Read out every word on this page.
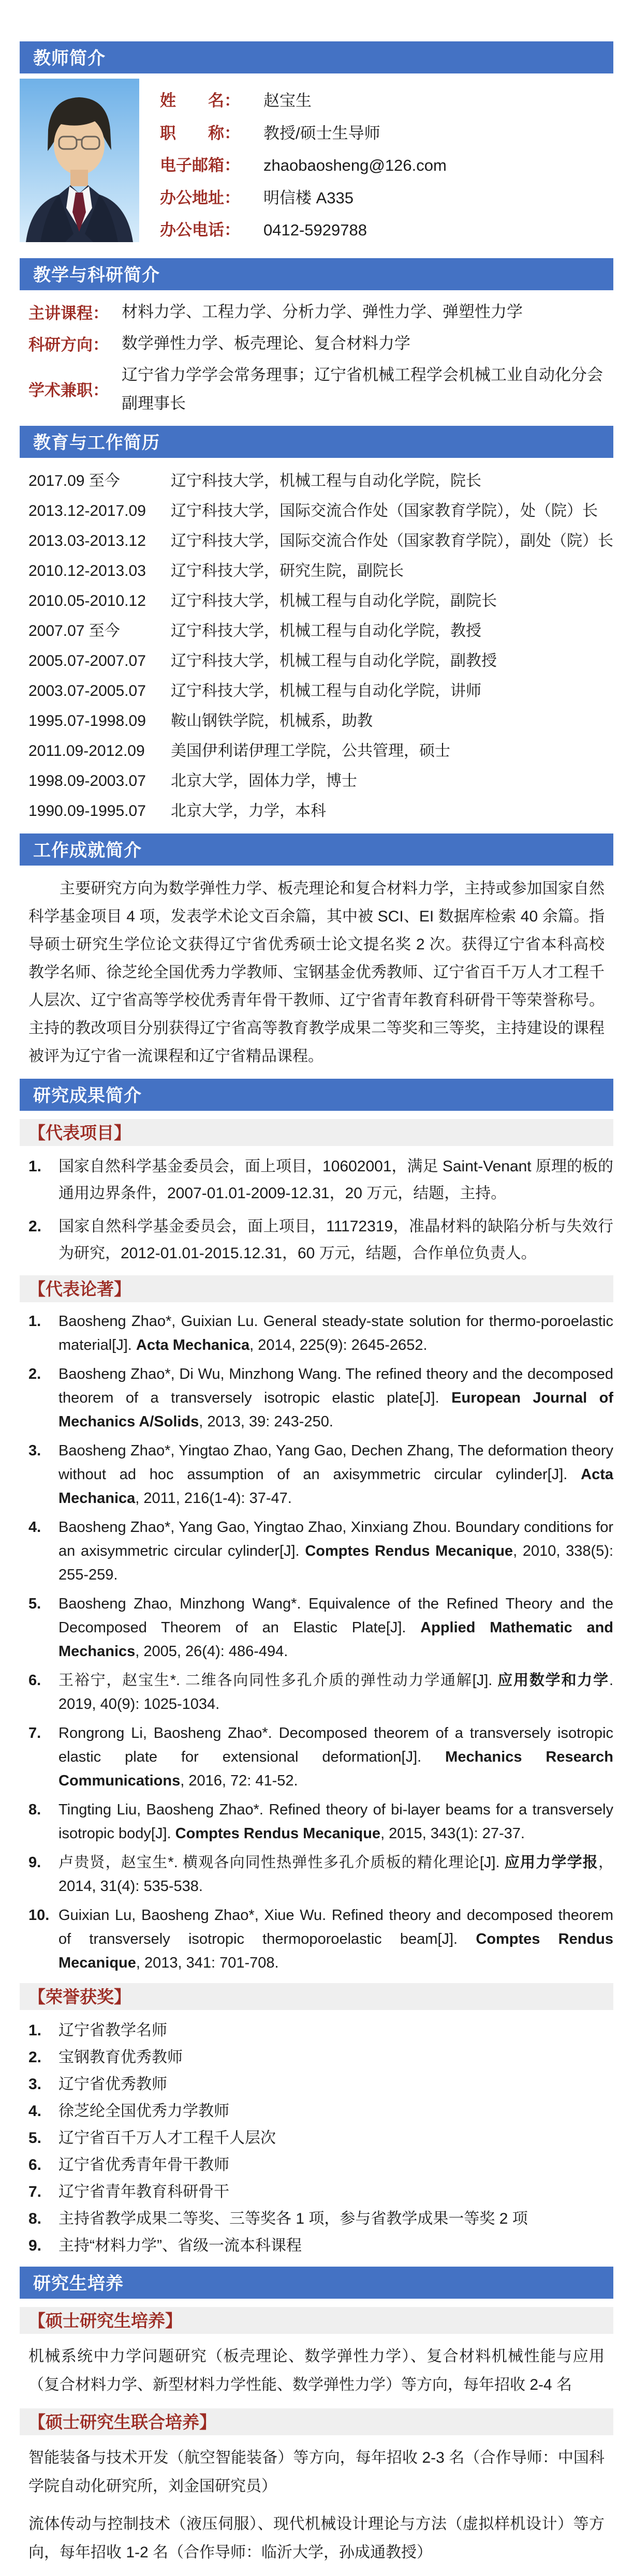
教师简介
姓　　名：	赵宝生
职　　称：	教授/硕士生导师
电子邮箱：	zhaobaosheng@126.com
办公地址：	明信楼 A335
办公电话：	0412-5929788
教学与科研简介
主讲课程： 材料力学、工程力学、分析力学、弹性力学、弹塑性力学
科研方向： 数学弹性力学、板壳理论、复合材料力学
学术兼职：
辽宁省力学学会常务理事；辽宁省机械工程学会机械工业自动化分会副理事长
教育与工作简历
2017.09 至今	辽宁科技大学，机械工程与自动化学院，院长
2013.12-2017.09	辽宁科技大学，国际交流合作处（国家教育学院），处（院）长
2013.03-2013.12	辽宁科技大学，国际交流合作处（国家教育学院），副处（院）长
2010.12-2013.03	辽宁科技大学，研究生院，副院长
2010.05-2010.12	辽宁科技大学，机械工程与自动化学院，副院长
2007.07 至今	辽宁科技大学，机械工程与自动化学院，教授
2005.07-2007.07	辽宁科技大学，机械工程与自动化学院，副教授
2003.07-2005.07	辽宁科技大学，机械工程与自动化学院，讲师
1995.07-1998.09	鞍山钢铁学院，机械系，助教
2011.09-2012.09	美国伊利诺伊理工学院，公共管理，硕士
1998.09-2003.07	北京大学，固体力学，博士
1990.09-1995.07	北京大学，力学，本科
工作成就简介
主要研究方向为数学弹性力学、板壳理论和复合材料力学，主持或参加国家自然科学基金项目 4 项，发表学术论文百余篇，其中被 SCI、EI 数据库检索 40 余篇。指导硕士研究生学位论文获得辽宁省优秀硕士论文提名奖 2 次。获得辽宁省本科高校教学名师、徐芝纶全国优秀力学教师、宝钢基金优秀教师、辽宁省百千万人才工程千人层次、辽宁省高等学校优秀青年骨干教师、辽宁省青年教育科研骨干等荣誉称号。主持的教改项目分别获得辽宁省高等教育教学成果二等奖和三等奖，主持建设的课程被评为辽宁省一流课程和辽宁省精品课程。
研究成果简介
【代表项目】
1.	国家自然科学基金委员会，面上项目，10602001，满足 Saint-Venant 原理的板的通用边界条件，2007-01.01-2009-12.31，20 万元，结题，主持。
2.	国家自然科学基金委员会，面上项目，11172319，准晶材料的缺陷分析与失效行为研究，2012-01.01-2015.12.31，60 万元，结题，合作单位负责人。
【代表论著】
1.	Baosheng Zhao*, Guixian Lu. General steady-state solution for thermo-poroelastic material[J]. Acta Mechanica, 2014, 225(9): 2645-2652.
2.	Baosheng Zhao*, Di Wu, Minzhong Wang. The refined theory and the decomposed theorem of a transversely isotropic elastic plate[J]. European Journal of Mechanics A/Solids, 2013, 39: 243-250.
3.	Baosheng Zhao*, Yingtao Zhao, Yang Gao, Dechen Zhang, The deformation theory without ad hoc assumption of an axisymmetric circular cylinder[J]. Acta Mechanica, 2011, 216(1-4): 37-47.
4.	Baosheng Zhao*, Yang Gao, Yingtao Zhao, Xinxiang Zhou. Boundary conditions for an axisymmetric circular cylinder[J]. Comptes Rendus Mecanique, 2010, 338(5): 255-259.
5.	Baosheng Zhao, Minzhong Wang*. Equivalence of the Refined Theory and the Decomposed Theorem of an Elastic Plate[J]. Applied Mathematic and Mechanics, 2005, 26(4): 486-494.
6.	王裕宁，赵宝生*. 二维各向同性多孔介质的弹性动力学通解[J]. 应用数学和力学. 2019, 40(9): 1025-1034.
7.	Rongrong Li, Baosheng Zhao*. Decomposed theorem of a transversely isotropic elastic plate for extensional deformation[J]. Mechanics Research Communications, 2016, 72: 41-52.
8.	Tingting Liu, Baosheng Zhao*. Refined theory of bi-layer beams for a transversely isotropic body[J]. Comptes Rendus Mecanique, 2015, 343(1): 27-37.
9.	卢贵贤，赵宝生*. 横观各向同性热弹性多孔介质板的精化理论[J]. 应用力学学报，2014, 31(4): 535-538.
10. Guixian Lu, Baosheng Zhao*, Xiue Wu. Refined theory and decomposed theorem of transversely isotropic thermoporoelastic beam[J]. Comptes Rendus Mecanique, 2013, 341: 701-708.
【荣誉获奖】
1.	辽宁省教学名师
2.	宝钢教育优秀教师
3.	辽宁省优秀教师
4.	徐芝纶全国优秀力学教师
5.	辽宁省百千万人才工程千人层次
6.	辽宁省优秀青年骨干教师
7.	辽宁省青年教育科研骨干
8.	主持省教学成果二等奖、三等奖各 1 项，参与省教学成果一等奖 2 项
9.	主持“材料力学”、省级一流本科课程
研究生培养
【硕士研究生培养】
机械系统中力学问题研究（板壳理论、数学弹性力学）、复合材料机械性能与应用（复合材料力学、新型材料力学性能、数学弹性力学）等方向，每年招收 2-4 名
【硕士研究生联合培养】
智能装备与技术开发（航空智能装备）等方向，每年招收 2-3 名（合作导师：中国科学院自动化研究所，刘金国研究员）
流体传动与控制技术（液压伺服）、现代机械设计理论与方法（虚拟样机设计）等方向，每年招收 1-2 名（合作导师：临沂大学，孙成通教授）
